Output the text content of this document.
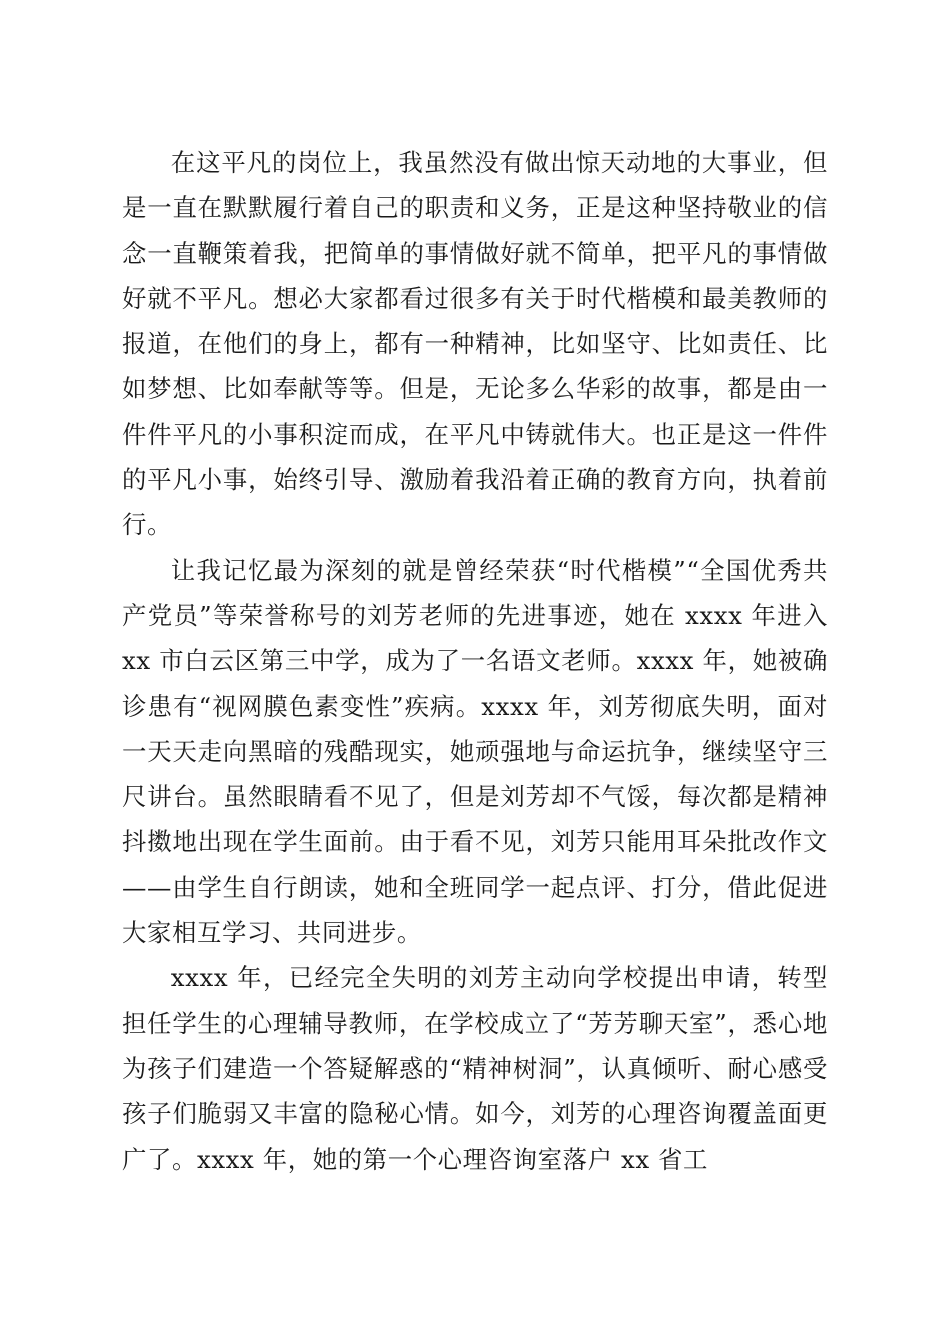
在这平凡的岗位上，我虽然没有做出惊天动地的大事业，但是一直在默默履行着自己的职责和义务，正是这种坚持敬业的信念一直鞭策着我，把简单的事情做好就不简单，把平凡的事情做好就不平凡。想必大家都看过很多有关于时代楷模和最美教师的报道，在他们的身上，都有一种精神，比如坚守、比如责任、比如梦想、比如奉献等等。但是，无论多么华彩的故事，都是由一件件平凡的小事积淀而成，在平凡中铸就伟大。也正是这一件件的平凡小事，始终引导、激励着我沿着正确的教育方向，执着前行。

让我记忆最为深刻的就是曾经荣获“时代楷模”“全国优秀共产党员”等荣誉称号的刘芳老师的先进事迹，她在 xxxx 年进入 xx 市白云区第三中学，成为了一名语文老师。xxxx 年，她被确诊患有“视网膜色素变性”疾病。xxxx 年，刘芳彻底失明，面对一天天走向黑暗的残酷现实，她顽强地与命运抗争，继续坚守三尺讲台。虽然眼睛看不见了，但是刘芳却不气馁，每次都是精神抖擞地出现在学生面前。由于看不见，刘芳只能用耳朵批改作文——由学生自行朗读，她和全班同学一起点评、打分，借此促进大家相互学习、共同进步。

xxxx 年，已经完全失明的刘芳主动向学校提出申请，转型担任学生的心理辅导教师，在学校成立了“芳芳聊天室”，悉心地为孩子们建造一个答疑解惑的“精神树洞”，认真倾听、耐心感受孩子们脆弱又丰富的隐秘心情。如今，刘芳的心理咨询覆盖面更广了。xxxx 年，她的第一个心理咨询室落户 xx 省工
